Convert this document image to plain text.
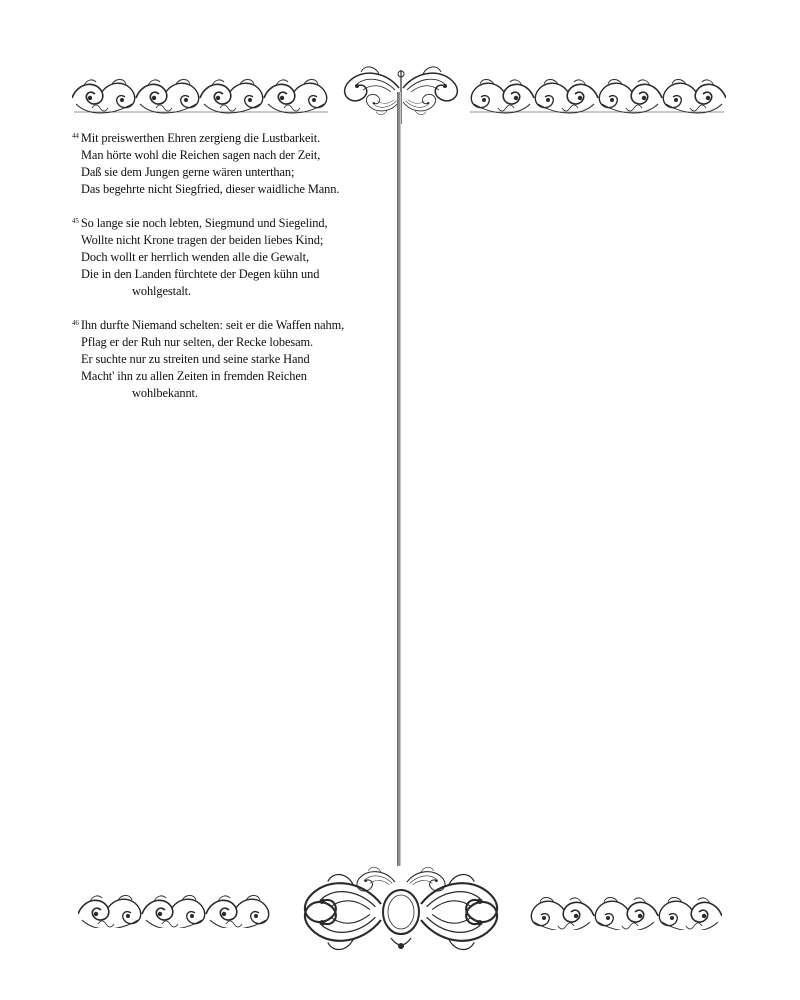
$^{44}$ Mit preiswerthen Ehren zergieng die Lustbarkeit.
Man hörte wohl die Reichen sagen nach der Zeit,
Daß sie dem Jungen gerne wären unterthan;
Das begehrte nicht Siegfried, dieser waidliche Mann.
$^{45}$ So lange sie noch lebten, Siegmund und Siegelind,
Wollte nicht Krone tragen der beiden liebes Kind;
Doch wollt er herrlich wenden alle die Gewalt,
Die in den Landen fürchtete der Degen kühn und
wohlgestalt.
$^{46}$ Ihn durfte Niemand schelten: seit er die Waffen nahm,
Pflag er der Ruh nur selten, der Recke lobesam.
Er suchte nur zu streiten und seine starke Hand
Macht' ihn zu allen Zeiten in fremden Reichen
wohlbekannt.
